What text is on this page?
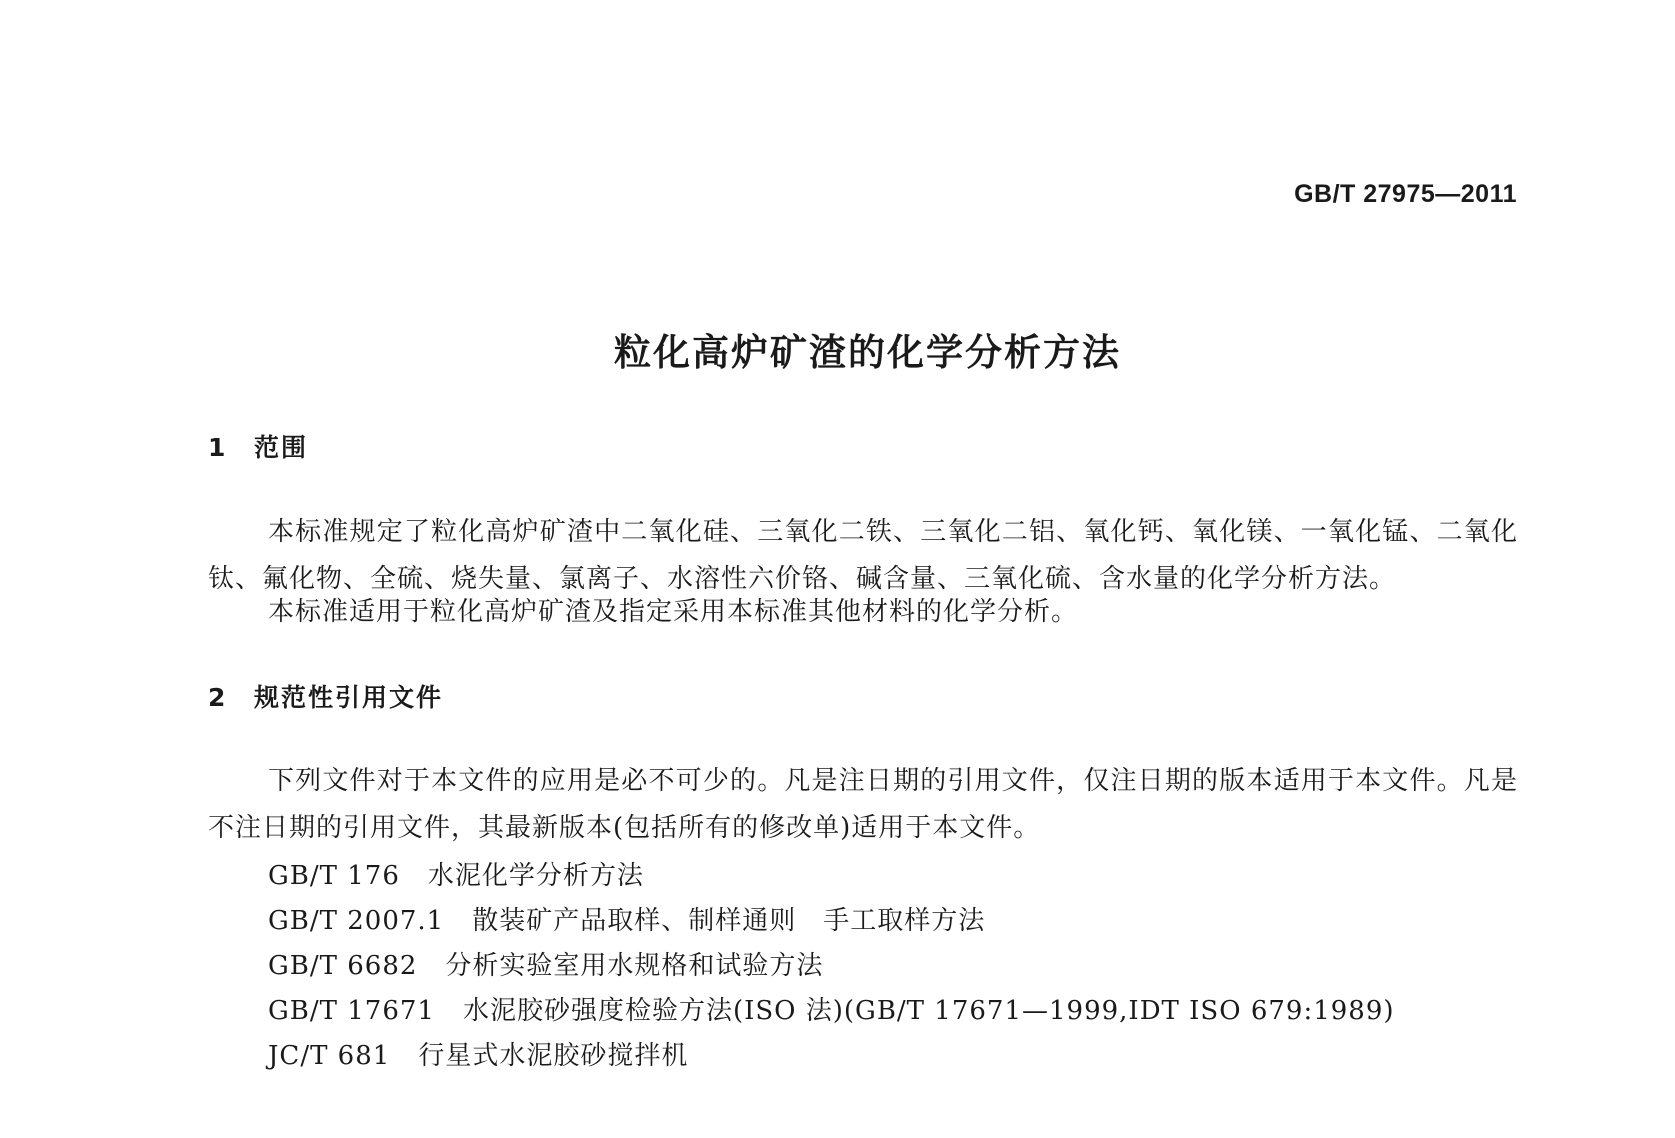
GB/T 27975—2011
粒化高炉矿渣的化学分析方法
1 范围

本标准规定了粒化高炉矿渣中二氧化硅、三氧化二铁、三氧化二铝、氧化钙、氧化镁、一氧化锰、二氧化钛、氟化物、全硫、烧失量、氯离子、水溶性六价铬、碱含量、三氧化硫、含水量的化学分析方法。

本标准适用于粒化高炉矿渣及指定采用本标准其他材料的化学分析。

2 规范性引用文件

下列文件对于本文件的应用是必不可少的。凡是注日期的引用文件，仅注日期的版本适用于本文件。凡是不注日期的引用文件，其最新版本(包括所有的修改单)适用于本文件。

GB/T 176 水泥化学分析方法
GB/T 2007.1 散装矿产品取样、制样通则　手工取样方法
GB/T 6682 分析实验室用水规格和试验方法
GB/T 17671 水泥胶砂强度检验方法(ISO 法)(GB/T 17671—1999,IDT ISO 679:1989)
JC/T 681 行星式水泥胶砂搅拌机
